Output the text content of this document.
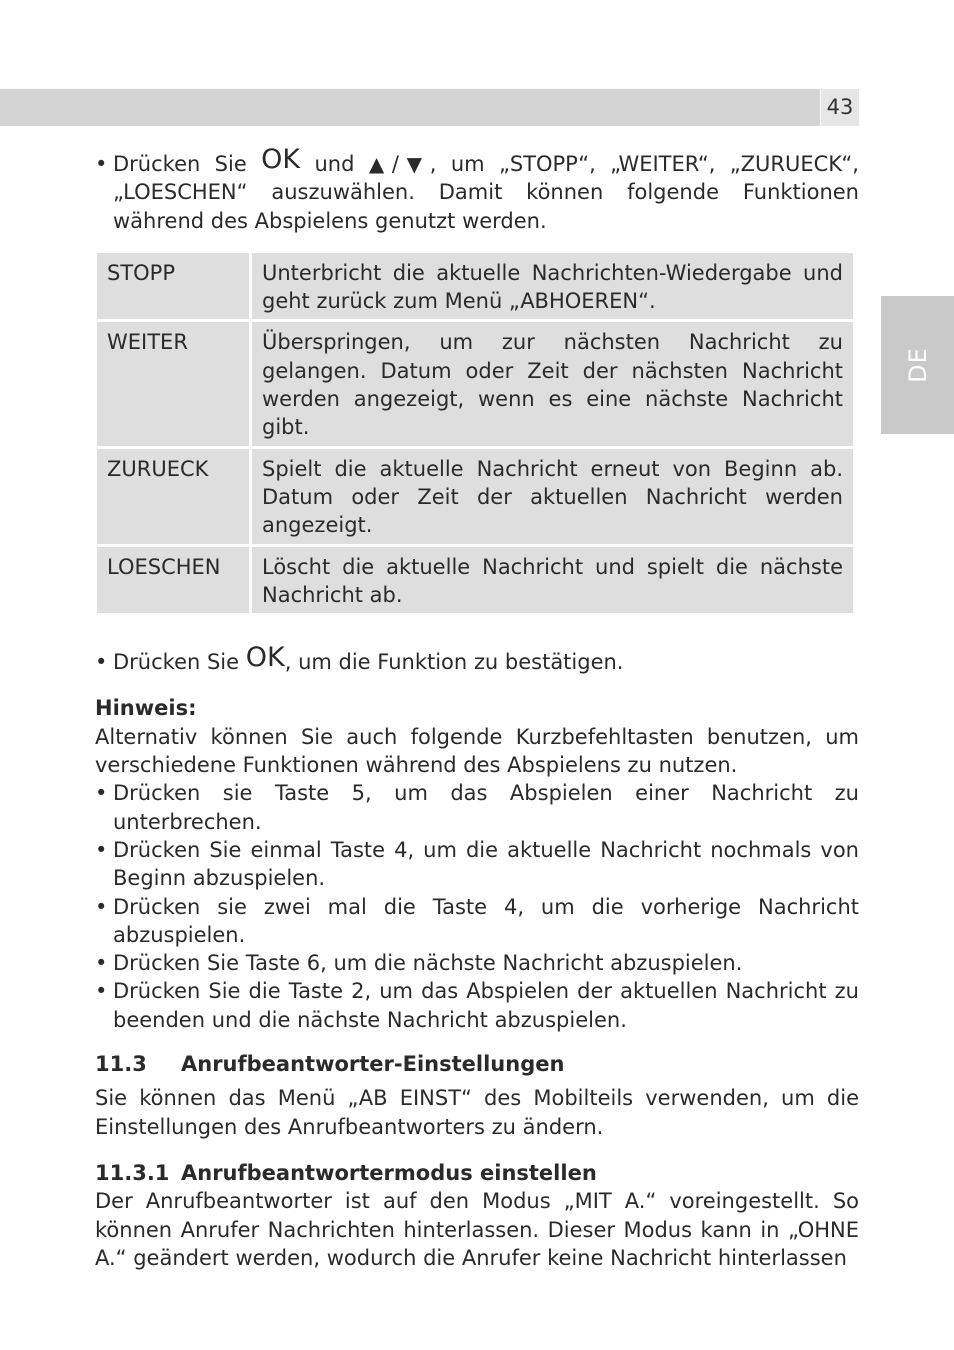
43
DE
• Drücken Sie OK und ▲/▼, um „STOPP“, „WEITER“, „ZURUECK“, „LOESCHEN“ auszuwählen. Damit können folgende Funktionen während des Abspielens genutzt werden.
STOPP	Unterbricht die aktuelle Nachrichten-Wiedergabe und geht zurück zum Menü „ABHOEREN“.
WEITER	Überspringen, um zur nächsten Nachricht zu gelangen. Datum oder Zeit der nächsten Nachricht werden angezeigt, wenn es eine nächste Nachricht gibt.
ZURUECK	Spielt die aktuelle Nachricht erneut von Beginn ab. Datum oder Zeit der aktuellen Nachricht werden angezeigt.
LOESCHEN	Löscht die aktuelle Nachricht und spielt die nächste Nachricht ab.
• Drücken Sie OK, um die Funktion zu bestätigen.

Hinweis:

Alternativ können Sie auch folgende Kurzbefehltasten benutzen, um verschiedene Funktionen während des Abspielens zu nutzen.

• Drücken sie Taste 5, um das Abspielen einer Nachricht zu unterbrechen.
• Drücken Sie einmal Taste 4, um die aktuelle Nachricht nochmals von Beginn abzuspielen.
• Drücken sie zwei mal die Taste 4, um die vorherige Nachricht abzuspielen.
• Drücken Sie Taste 6, um die nächste Nachricht abzuspielen.
• Drücken Sie die Taste 2, um das Abspielen der aktuellen Nachricht zu beenden und die nächste Nachricht abzuspielen.
11.3	Anrufbeantworter-Einstellungen

Sie können das Menü „AB EINST“ des Mobilteils verwenden, um die Einstellungen des Anrufbeantworters zu ändern.

11.3.1 Anrufbeantwortermodus einstellen

Der Anrufbeantworter ist auf den Modus „MIT A.“ voreingestellt. So können Anrufer Nachrichten hinterlassen. Dieser Modus kann in „OHNE A.“ geändert werden, wodurch die Anrufer keine Nachricht hinterlassen
